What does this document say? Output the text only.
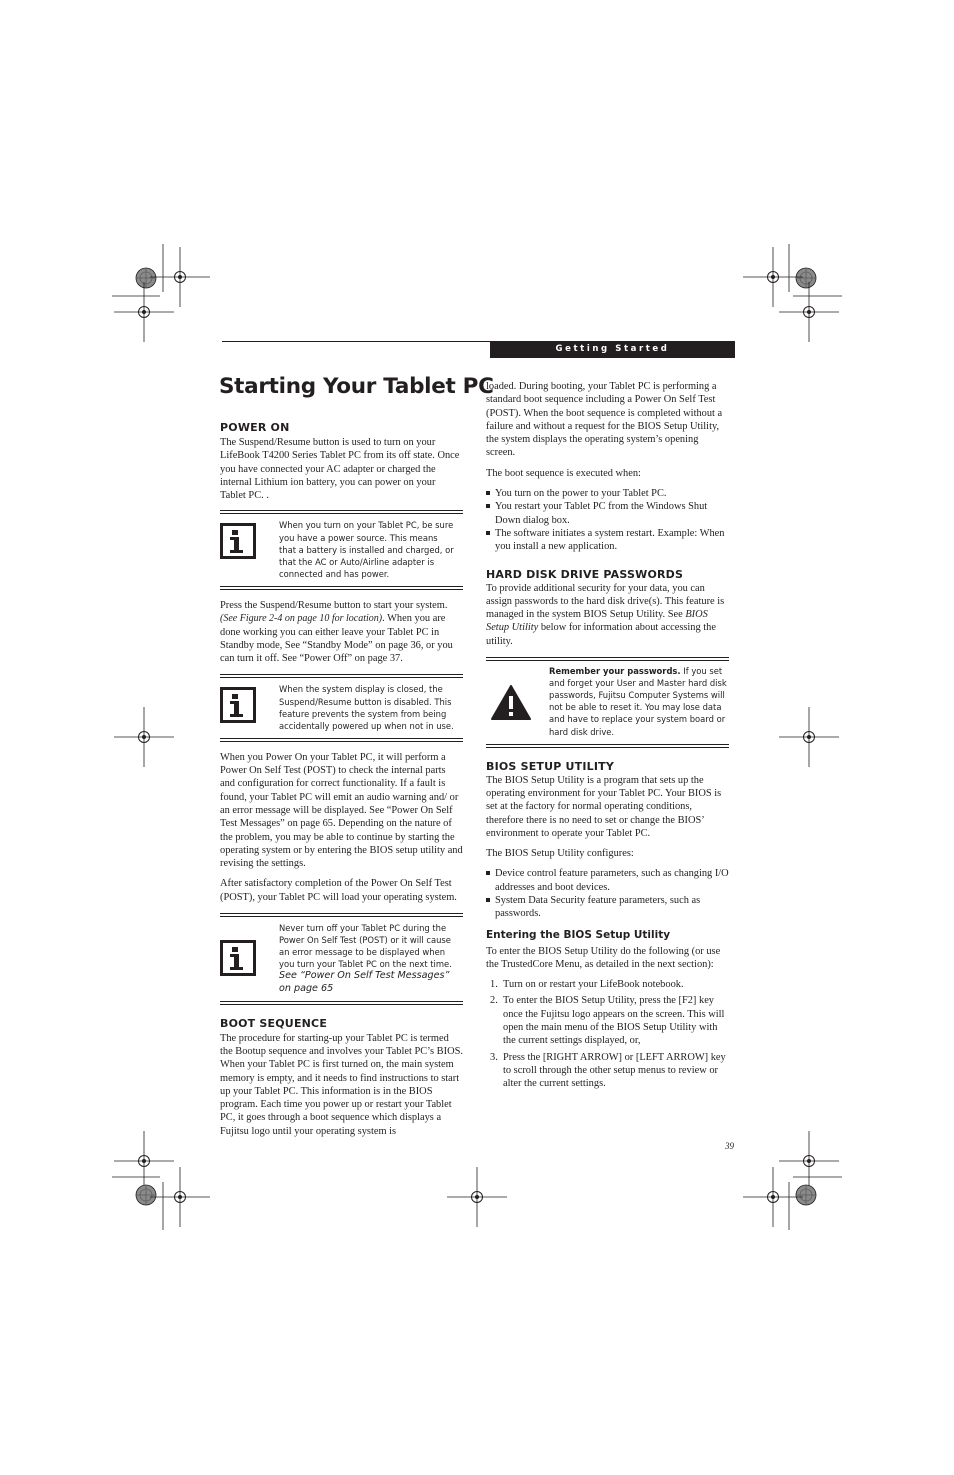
Getting Started
Starting Your Tablet PC
POWER ON

The Suspend/Resume button is used to turn on your LifeBook T4200 Series Tablet PC from its off state. Once you have connected your AC adapter or charged the internal Lithium ion battery, you can power on your Tablet PC. .

When you turn on your Tablet PC, be sure you have a power source. This means that a battery is installed and charged, or that the AC or Auto/Airline adapter is connected and has power.

Press the Suspend/Resume button to start your system.(See Figure 2-4 on page 10 for location). When you are done working you can either leave your Tablet PC in Standby mode, See “Standby Mode” on page 36, or you can turn it off. See “Power Off” on page 37.

When the system display is closed, the Suspend/Resume button is disabled. This feature prevents the system from being accidentally powered up when not in use.

When you Power On your Tablet PC, it will perform a Power On Self Test (POST) to check the internal parts and configuration for correct functionality. If a fault is found, your Tablet PC will emit an audio warning and/ or an error message will be displayed. See “Power On Self Test Messages” on page 65. Depending on the nature of the problem, you may be able to continue by starting the operating system or by entering the BIOS setup utility and revising the settings.

After satisfactory completion of the Power On Self Test (POST), your Tablet PC will load your operating system.

Never turn off your Tablet PC during the Power On Self Test (POST) or it will cause an error message to be displayed when you turn your Tablet PC on the next time.
See “Power On Self Test Messages” on page 65
BOOT SEQUENCE

The procedure for starting-up your Tablet PC is termed the Bootup sequence and involves your Tablet PC’s BIOS. When your Tablet PC is first turned on, the main system memory is empty, and it needs to find instructions to start up your Tablet PC. This information is in the BIOS program. Each time you power up or restart your Tablet PC, it goes through a boot sequence which displays a Fujitsu logo until your operating system is

loaded. During booting, your Tablet PC is performing a standard boot sequence including a Power On Self Test (POST). When the boot sequence is completed without a failure and without a request for the BIOS Setup Utility, the system displays the operating system’s opening screen.

The boot sequence is executed when:

You turn on the power to your Tablet PC.
You restart your Tablet PC from the Windows Shut Down dialog box.
The software initiates a system restart. Example: When you install a new application.
HARD DISK DRIVE PASSWORDS

To provide additional security for your data, you can assign passwords to the hard disk drive(s). This feature is managed in the system BIOS Setup Utility. See BIOS Setup Utility below for information about accessing the utility.

Remember your passwords. If you set and forget your User and Master hard disk passwords, Fujitsu Computer Systems will not be able to reset it. You may lose data and have to replace your system board or hard disk drive.
BIOS SETUP UTILITY

The BIOS Setup Utility is a program that sets up the operating environment for your Tablet PC. Your BIOS is set at the factory for normal operating conditions, therefore there is no need to set or change the BIOS’ environment to operate your Tablet PC.

The BIOS Setup Utility configures:

Device control feature parameters, such as changing I/O addresses and boot devices.
System Data Security feature parameters, such as passwords.
Entering the BIOS Setup Utility

To enter the BIOS Setup Utility do the following (or use the TrustedCore Menu, as detailed in the next section):

1. Turn on or restart your LifeBook notebook.
2. To enter the BIOS Setup Utility, press the [F2] key once the Fujitsu logo appears on the screen. This will open the main menu of the BIOS Setup Utility with the current settings displayed, or,
3. Press the [RIGHT ARROW] or [LEFT ARROW] key to scroll through the other setup menus to review or alter the current settings.
39
